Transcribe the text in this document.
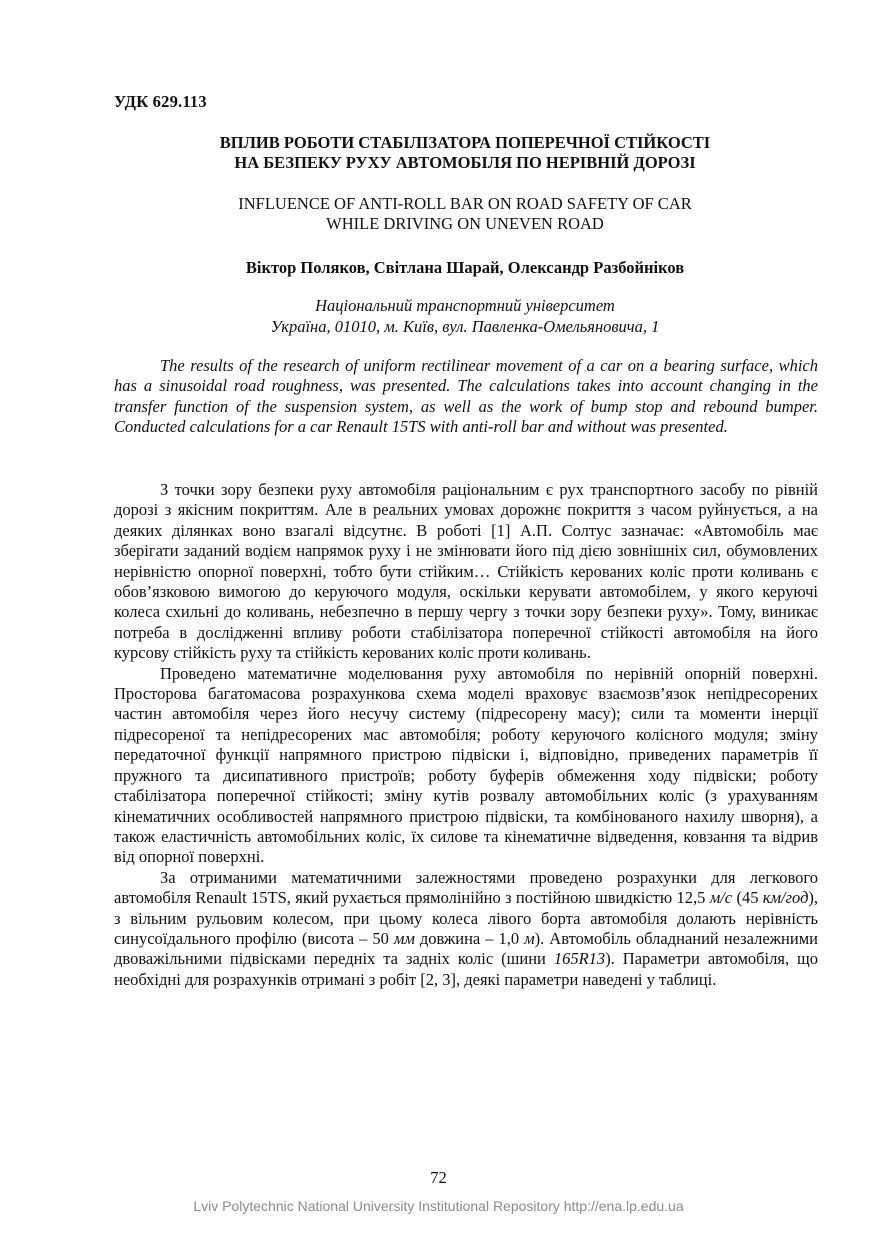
УДК 629.113
ВПЛИВ РОБОТИ СТАБІЛІЗАТОРА ПОПЕРЕЧНОЇ СТІЙКОСТІ
НА БЕЗПЕКУ РУХУ АВТОМОБІЛЯ ПО НЕРІВНІЙ ДОРОЗІ
INFLUENCE OF ANTI-ROLL BAR ON ROAD SAFETY OF CAR
WHILE DRIVING ON UNEVEN ROAD
Віктор Поляков, Світлана Шарай, Олександр Разбойніков
Національний транспортний університет
Україна, 01010, м. Київ, вул. Павленка-Омельяновича, 1

The results of the research of uniform rectilinear movement of a car on a bearing surface, which has a sinusoidal road roughness, was presented. The calculations takes into account changing in the transfer function of the suspension system, as well as the work of bump stop and rebound bumper. Conducted calculations for a car Renault 15TS with anti-roll bar and without was presented.

З точки зору безпеки руху автомобіля раціональним є рух транспортного засобу по рівній дорозі з якісним покриттям. Але в реальних умовах дорожнє покриття з часом руйнується, а на деяких ділянках воно взагалі відсутнє. В роботі [1] А.П. Солтус зазначає: «Автомобіль має зберігати заданий водієм напрямок руху і не змінювати його під дією зовнішніх сил, обумовлених нерівністю опорної поверхні, тобто бути стійким… Стійкість керованих коліс проти коливань є обов’язковою вимогою до керуючого модуля, оскільки керувати автомобілем, у якого керуючі колеса схильні до коливань, небезпечно в першу чергу з точки зору безпеки руху». Тому, виникає потреба в дослідженні впливу роботи стабілізатора поперечної стійкості автомобіля на його курсову стійкість руху та стійкість керованих коліс проти коливань.

Проведено математичне моделювання руху автомобіля по нерівній опорній поверхні. Просторова багатомасова розрахункова схема моделі враховує взаємозв’язок непідресорених частин автомобіля через його несучу систему (підресорену масу); сили та моменти інерції підресореної та непідресорених мас автомобіля; роботу керуючого колісного модуля; зміну передаточної функції напрямного пристрою підвіски і, відповідно, приведених параметрів її пружного та дисипативного пристроїв; роботу буферів обмеження ходу підвіски; роботу стабілізатора поперечної стійкості; зміну кутів розвалу автомобільних коліс (з урахуванням кінематичних особливостей напрямного пристрою підвіски, та комбінованого нахилу шворня), а також еластичність автомобільних коліс, їх силове та кінематичне відведення, ковзання та відрив від опорної поверхні.

За отриманими математичними залежностями проведено розрахунки для легкового автомобіля Renault 15TS, який рухається прямолінійно з постійною швидкістю 12,5 м/с (45 км/год), з вільним рульовим колесом, при цьому колеса лівого борта автомобіля долають нерівність синусоїдального профілю (висота – 50 мм довжина – 1,0 м). Автомобіль обладнаний незалежними двоважільними підвісками передніх та задніх коліс (шини 165R13). Параметри автомобіля, що необхідні для розрахунків отримані з робіт [2, 3], деякі параметри наведені у таблиці.

72
Lviv Polytechnic National University Institutional Repository http://ena.lp.edu.ua
